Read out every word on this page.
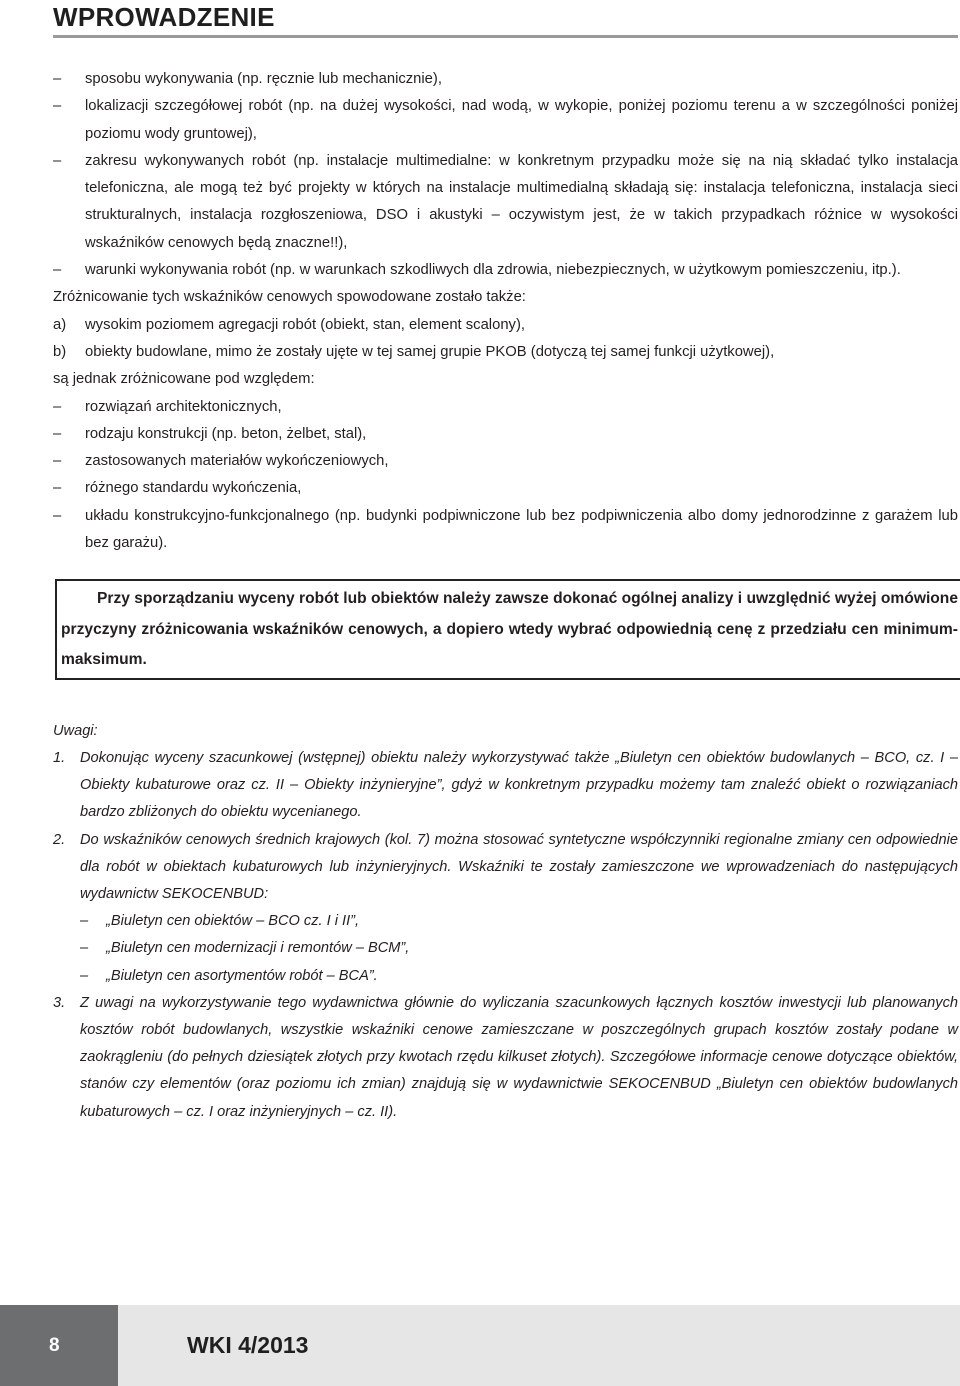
WPROWADZENIE
– sposobu wykonywania (np. ręcznie lub mechanicznie),
– lokalizacji szczegółowej robót (np. na dużej wysokości, nad wodą, w wykopie, poniżej poziomu terenu a w szczególności poniżej poziomu wody gruntowej),
– zakresu wykonywanych robót (np. instalacje multimedialne: w konkretnym przypadku może się na nią składać tylko instalacja telefoniczna, ale mogą też być projekty w których na instalacje multimedialną składają się: instalacja telefoniczna, instalacja sieci strukturalnych, instalacja rozgłoszeniowa, DSO i akustyki – oczywistym jest, że w takich przypadkach różnice w wysokości wskaźników cenowych będą znaczne!!),
– warunki wykonywania robót (np. w warunkach szkodliwych dla zdrowia, niebezpiecznych, w użytkowym pomieszczeniu, itp.).
Zróżnicowanie tych wskaźników cenowych spowodowane zostało także:
a) wysokim poziomem agregacji robót (obiekt, stan, element scalony),
b) obiekty budowlane, mimo że zostały ujęte w tej samej grupie PKOB (dotyczą tej samej funkcji użytkowej),
są jednak zróżnicowane pod względem:
– rozwiązań architektonicznych,
– rodzaju konstrukcji (np. beton, żelbet, stal),
– zastosowanych materiałów wykończeniowych,
– różnego standardu wykończenia,
– układu konstrukcyjno-funkcjonalnego (np. budynki podpiwniczone lub bez podpiwniczenia albo domy jednorodzinne z garażem lub bez garażu).
Przy sporządzaniu wyceny robót lub obiektów należy zawsze dokonać ogólnej analizy i uwzględnić wyżej omówione przyczyny zróżnicowania wskaźników cenowych, a dopiero wtedy wybrać odpowiednią cenę z przedziału cen minimum-maksimum.
Uwagi:
1. Dokonując wyceny szacunkowej (wstępnej) obiektu należy wykorzystywać także „Biuletyn cen obiektów budowlanych – BCO, cz. I – Obiekty kubaturowe oraz cz. II – Obiekty inżynieryjne”, gdyż w konkretnym przypadku możemy tam znaleźć obiekt o rozwiązaniach bardzo zbliżonych do obiektu wycenianego.
2. Do wskaźników cenowych średnich krajowych (kol. 7) można stosować syntetyczne współczynniki regionalne zmiany cen odpowiednie dla robót w obiektach kubaturowych lub inżynieryjnych. Wskaźniki te zostały zamieszczone we wprowadzeniach do następujących wydawnictw SEKOCENBUD:
– „Biuletyn cen obiektów – BCO cz. I i II”,
– „Biuletyn cen modernizacji i remontów – BCM”,
– „Biuletyn cen asortymentów robót – BCA”.
3. Z uwagi na wykorzystywanie tego wydawnictwa głównie do wyliczania szacunkowych łącznych kosztów inwestycji lub planowanych kosztów robót budowlanych, wszystkie wskaźniki cenowe zamieszczane w poszczególnych grupach kosztów zostały podane w zaokrągleniu (do pełnych dziesiątek złotych przy kwotach rzędu kilkuset złotych). Szczegółowe informacje cenowe dotyczące obiektów, stanów czy elementów (oraz poziomu ich zmian) znajdują się w wydawnictwie SEKOCENBUD „Biuletyn cen obiektów budowlanych kubaturowych – cz. I oraz inżynieryjnych – cz. II).
8	WKI 4/2013
